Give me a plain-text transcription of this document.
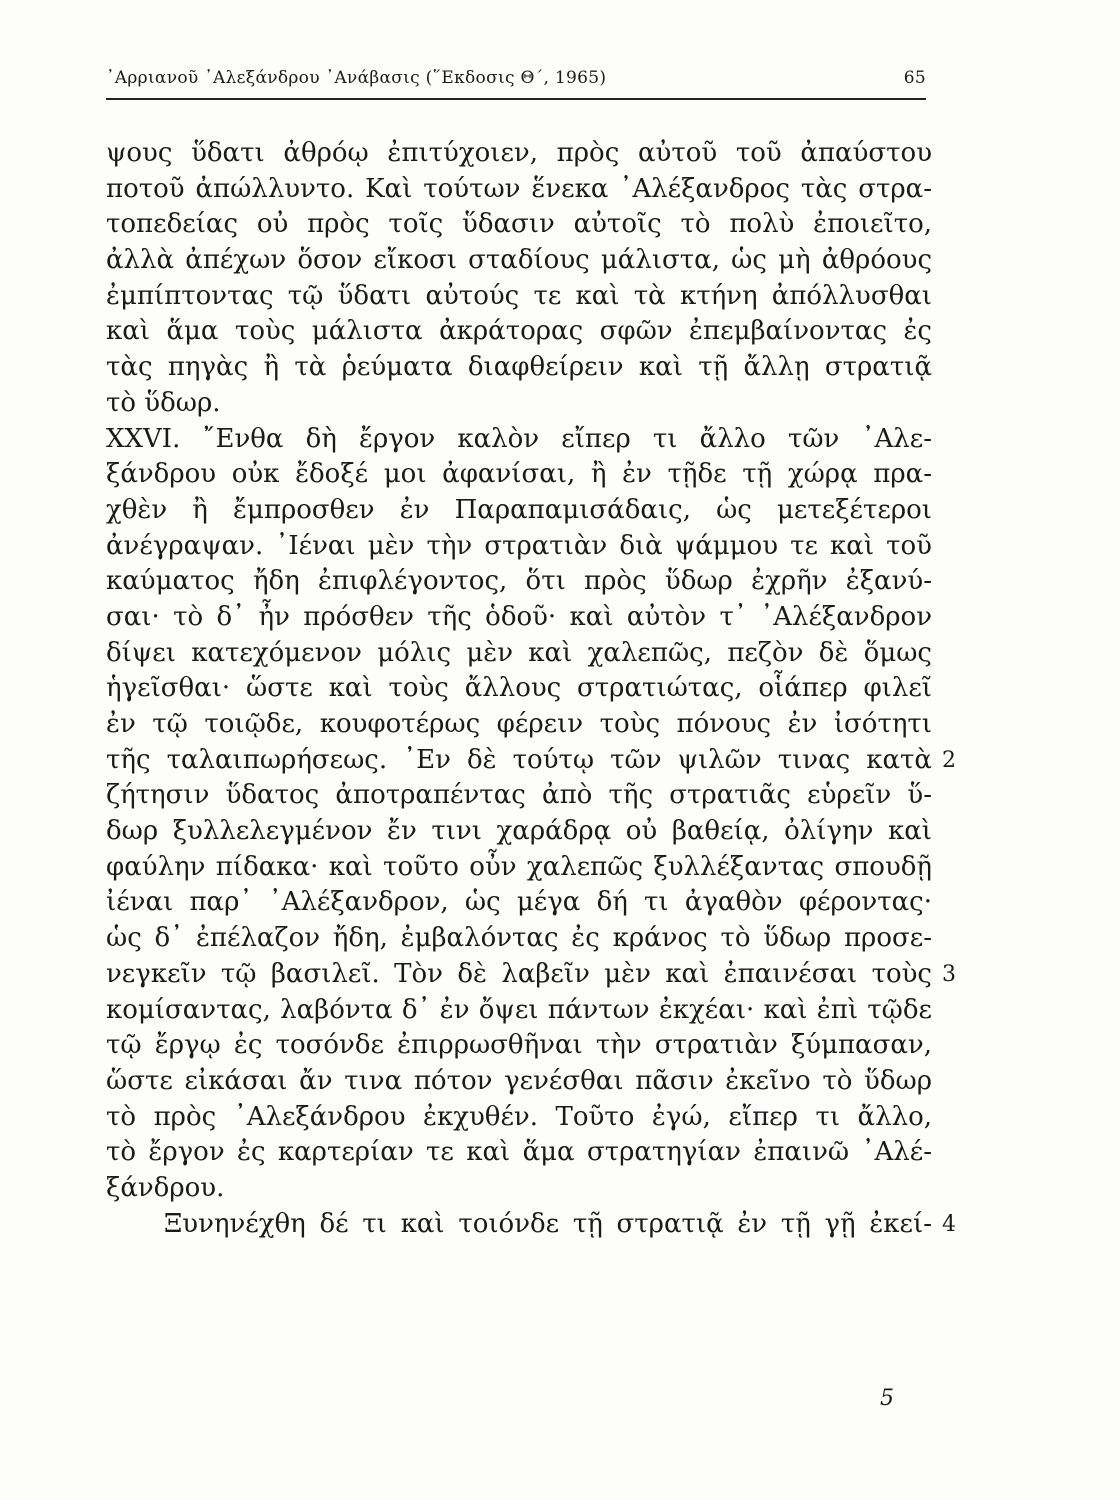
᾿Αρριανοῦ ᾿Αλεξάνδρου ᾿Ανάβασις (῞Εκδοσις Θ΄, 1965)	65
ψους ὕδατι ἀθρόῳ ἐπιτύχοιεν, πρὸς αὐτοῦ τοῦ ἀπαύστου
ποτοῦ ἀπώλλυντο. Καὶ τούτων ἕνεκα ᾿Αλέξανδρος τὰς στρα-
τοπεδείας οὐ πρὸς τοῖς ὕδασιν αὐτοῖς τὸ πολὺ ἐποιεῖτο,
ἀλλὰ ἀπέχων ὅσον εἴκοσι σταδίους μάλιστα, ὡς μὴ ἀθρόους
ἐμπίπτοντας τῷ ὕδατι αὐτούς τε καὶ τὰ κτήνη ἀπόλλυσθαι
καὶ ἅμα τοὺς μάλιστα ἀκράτορας σφῶν ἐπεμβαίνοντας ἐς
τὰς πηγὰς ἢ τὰ ῥεύματα διαφθείρειν καὶ τῇ ἄλλῃ στρατιᾷ
τὸ ὕδωρ.
XXVI. ῎Ενθα δὴ ἔργον καλὸν εἴπερ τι ἄλλο τῶν ᾿Αλε-
ξάνδρου οὐκ ἔδοξέ μοι ἀφανίσαι, ἢ ἐν τῇδε τῇ χώρᾳ πρα-
χθὲν ἢ ἔμπροσθεν ἐν Παραπαμισάδαις, ὡς μετεξέτεροι
ἀνέγραψαν. ᾿Ιέναι μὲν τὴν στρατιὰν διὰ ψάμμου τε καὶ τοῦ
καύματος ἤδη ἐπιφλέγοντος, ὅτι πρὸς ὕδωρ ἐχρῆν ἐξανύ-
σαι· τὸ δ᾿ ἦν πρόσθεν τῆς ὁδοῦ· καὶ αὐτὸν τ᾿ ᾿Αλέξανδρον
δίψει κατεχόμενον μόλις μὲν καὶ χαλεπῶς, πεζὸν δὲ ὅμως
ἡγεῖσθαι· ὥστε καὶ τοὺς ἄλλους στρατιώτας, οἷάπερ φιλεῖ
ἐν τῷ τοιῷδε, κουφοτέρως φέρειν τοὺς πόνους ἐν ἰσότητι
τῆς ταλαιπωρήσεως. ᾿Εν δὲ τούτῳ τῶν ψιλῶν τινας κατὰ 2
ζήτησιν ὕδατος ἀποτραπέντας ἀπὸ τῆς στρατιᾶς εὑρεῖν ὕ-
δωρ ξυλλελεγμένον ἔν τινι χαράδρᾳ οὐ βαθείᾳ, ὀλίγην καὶ
φαύλην πίδακα· καὶ τοῦτο οὖν χαλεπῶς ξυλλέξαντας σπουδῇ
ἰέναι παρ᾿ ᾿Αλέξανδρον, ὡς μέγα δή τι ἀγαθὸν φέροντας·
ὡς δ᾿ ἐπέλαζον ἤδη, ἐμβαλόντας ἐς κράνος τὸ ὕδωρ προσε-
νεγκεῖν τῷ βασιλεῖ. Τὸν δὲ λαβεῖν μὲν καὶ ἐπαινέσαι τοὺς 3
κομίσαντας, λαβόντα δ᾿ ἐν ὄψει πάντων ἐκχέαι· καὶ ἐπὶ τῷδε
τῷ ἔργῳ ἐς τοσόνδε ἐπιρρωσθῆναι τὴν στρατιὰν ξύμπασαν,
ὥστε εἰκάσαι ἄν τινα πότον γενέσθαι πᾶσιν ἐκεῖνο τὸ ὕδωρ
τὸ πρὸς ᾿Αλεξάνδρου ἐκχυθέν. Τοῦτο ἐγώ, εἴπερ τι ἄλλο,
τὸ ἔργον ἐς καρτερίαν τε καὶ ἅμα στρατηγίαν ἐπαινῶ ᾿Αλέ-
ξάνδρου.
Ξυνηνέχθη δέ τι καὶ τοιόνδε τῇ στρατιᾷ ἐν τῇ γῇ ἐκεί- 4
5
